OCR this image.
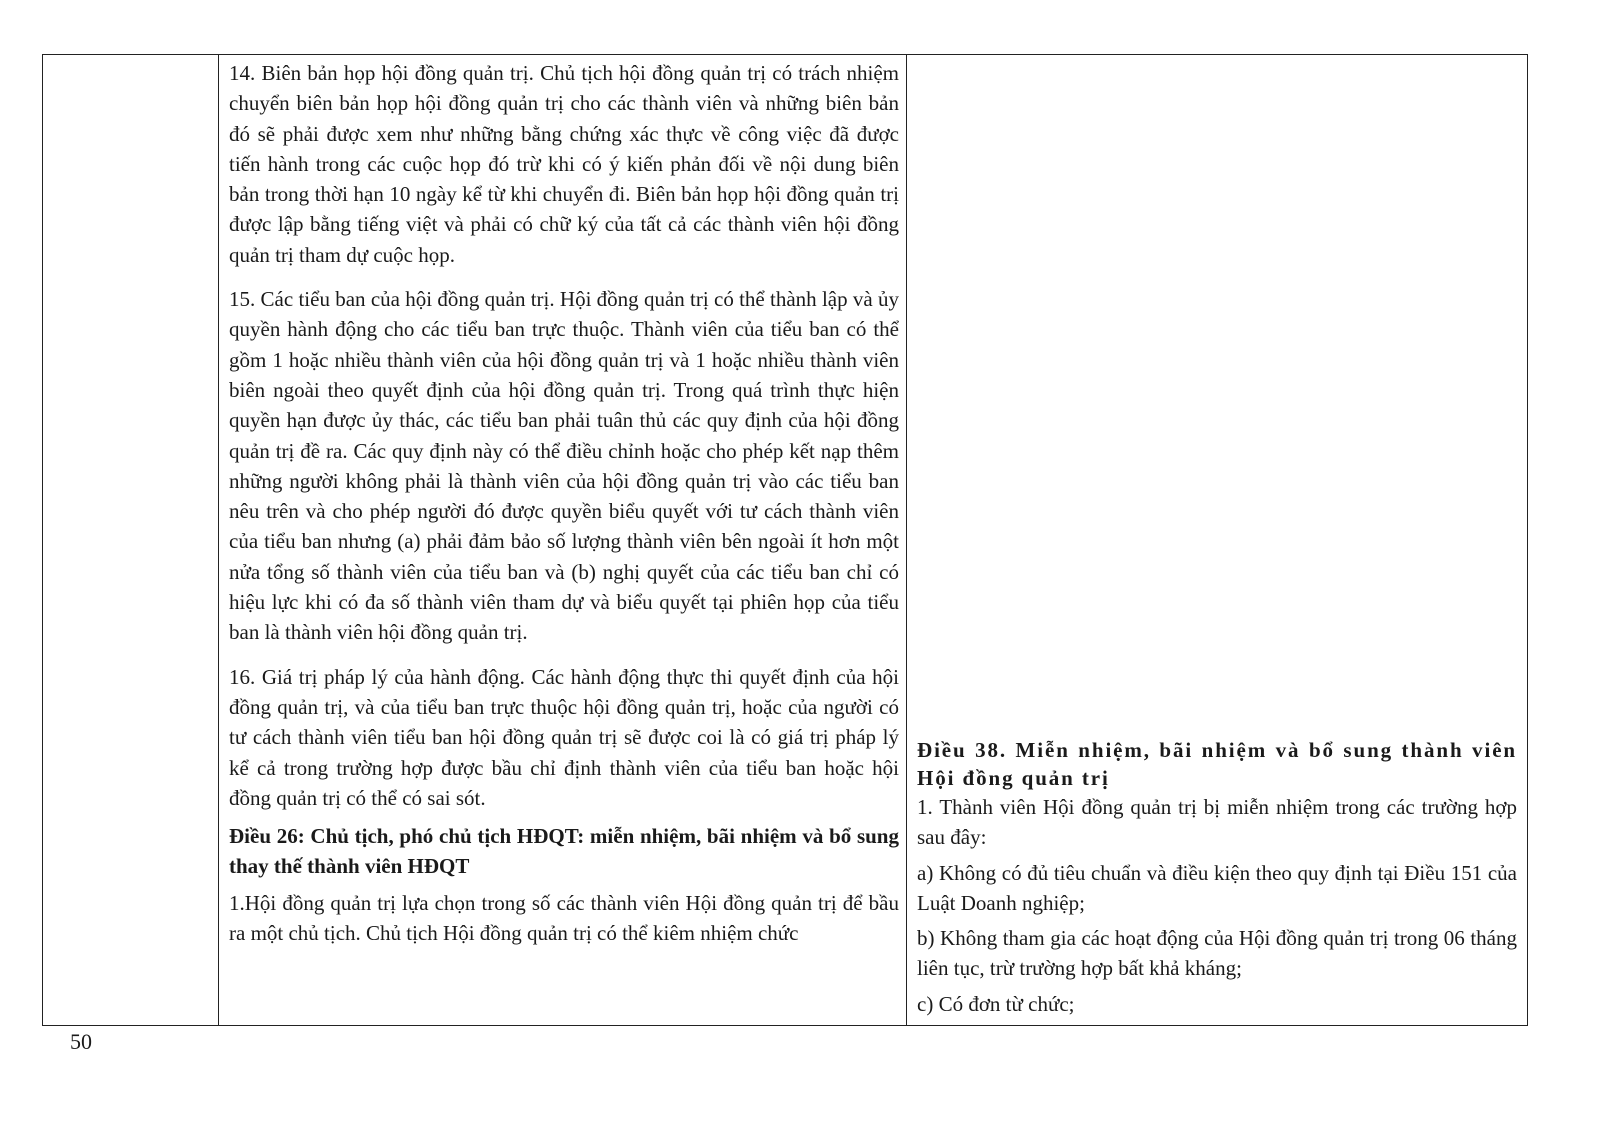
14. Biên bản họp hội đồng quản trị. Chủ tịch hội đồng quản trị có trách nhiệm chuyển biên bản họp hội đồng quản trị cho các thành viên và những biên bản đó sẽ phải được xem như những bằng chứng xác thực về công việc đã được tiến hành trong các cuộc họp đó trừ khi có ý kiến phản đối về nội dung biên bản trong thời hạn 10 ngày kể từ khi chuyển đi. Biên bản họp hội đồng quản trị được lập bằng tiếng việt và phải có chữ ký của tất cả các thành viên hội đồng quản trị tham dự cuộc họp.

15. Các tiểu ban của hội đồng quản trị. Hội đồng quản trị có thể thành lập và ủy quyền hành động cho các tiểu ban trực thuộc. Thành viên của tiểu ban có thể gồm 1 hoặc nhiều thành viên của hội đồng quản trị và 1 hoặc nhiều thành viên biên ngoài theo quyết định của hội đồng quản trị. Trong quá trình thực hiện quyền hạn được ủy thác, các tiểu ban phải tuân thủ các quy định của hội đồng quản trị đề ra. Các quy định này có thể điều chỉnh hoặc cho phép kết nạp thêm những người không phải là thành viên của hội đồng quản trị vào các tiểu ban nêu trên và cho phép người đó được quyền biểu quyết với tư cách thành viên của tiểu ban nhưng (a) phải đảm bảo số lượng thành viên bên ngoài ít hơn một nửa tổng số thành viên của tiểu ban và (b) nghị quyết của các tiểu ban chỉ có hiệu lực khi có đa số thành viên tham dự và biểu quyết tại phiên họp của tiểu ban là thành viên hội đồng quản trị.

16. Giá trị pháp lý của hành động. Các hành động thực thi quyết định của hội đồng quản trị, và của tiểu ban trực thuộc hội đồng quản trị, hoặc của người có tư cách thành viên tiểu ban hội đồng quản trị sẽ được coi là có giá trị pháp lý kể cả trong trường hợp được bầu chỉ định thành viên của tiểu ban hoặc hội đồng quản trị có thể có sai sót.

Điều 26: Chủ tịch, phó chủ tịch HĐQT: miễn nhiệm, bãi nhiệm và bổ sung thay thế thành viên HĐQT

1.Hội đồng quản trị lựa chọn trong số các thành viên Hội đồng quản trị để bầu ra một chủ tịch. Chủ tịch Hội đồng quản trị có thể kiêm nhiệm chức

Điều 38. Miễn nhiệm, bãi nhiệm và bổ sung thành viên Hội đồng quản trị

1. Thành viên Hội đồng quản trị bị miễn nhiệm trong các trường hợp sau đây:

a) Không có đủ tiêu chuẩn và điều kiện theo quy định tại Điều 151 của Luật Doanh nghiệp;

b) Không tham gia các hoạt động của Hội đồng quản trị trong 06 tháng liên tục, trừ trường hợp bất khả kháng;

c) Có đơn từ chức;

50
